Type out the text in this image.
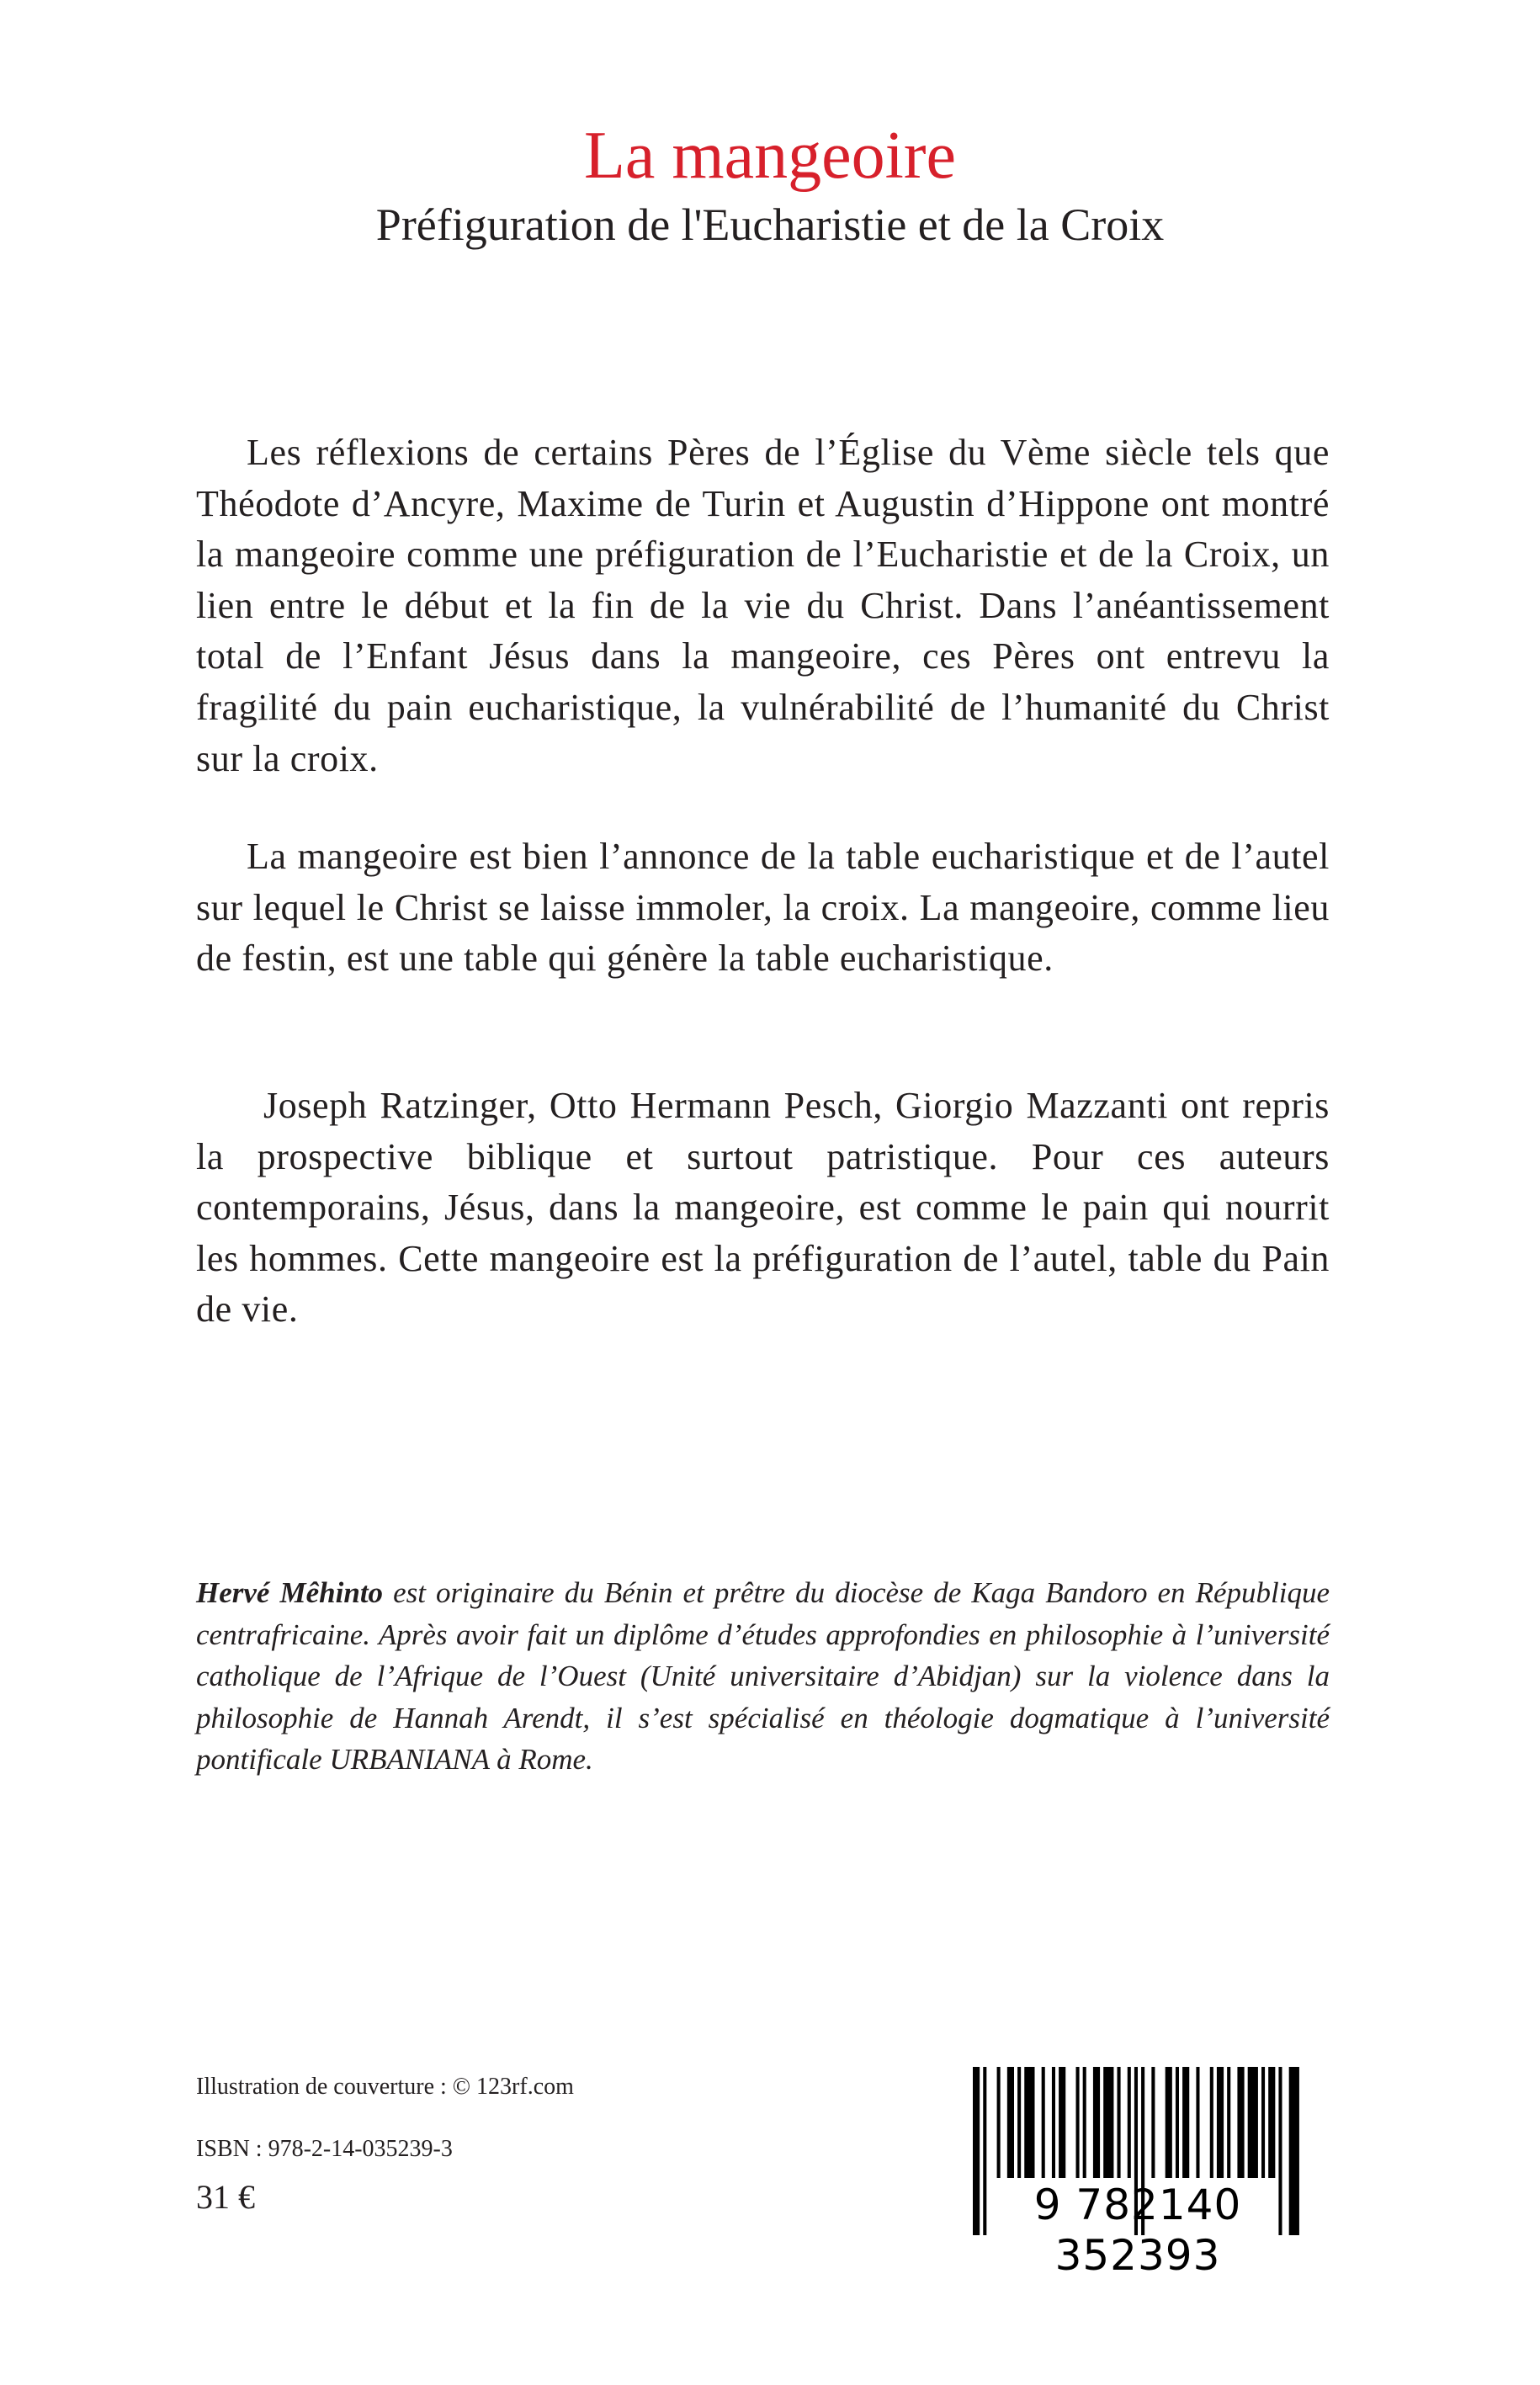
La mangeoire
Préfiguration de l'Eucharistie et de la Croix

Les réflexions de certains Pères de l’Église du Vème siècle tels que Théodote d’Ancyre, Maxime de Turin et Augustin d’Hippone ont montré la mangeoire comme une préfiguration de l’Eucharistie et de la Croix, un lien entre le début et la fin de la vie du Christ. Dans l’anéantissement total de l’Enfant Jésus dans la mangeoire, ces Pères ont entrevu la fragilité du pain eucharistique, la vulnérabilité de l’humanité du Christ sur la croix.

La mangeoire est bien l’annonce de la table eucharistique et de l’autel sur lequel le Christ se laisse immoler, la croix. La mangeoire, comme lieu de festin, est une table qui génère la table eucharistique.

Joseph Ratzinger, Otto Hermann Pesch, Giorgio Mazzanti ont repris la prospective biblique et surtout patristique. Pour ces auteurs contemporains, Jésus, dans la mangeoire, est comme le pain qui nourrit les hommes. Cette mangeoire est la préfiguration de l’autel, table du Pain de vie.

Hervé Mêhinto est originaire du Bénin et prêtre du diocèse de Kaga Bandoro en République centrafricaine. Après avoir fait un diplôme d’études approfondies en philosophie à l’université catholique de l’Afrique de l’Ouest (Unité universitaire d’Abidjan) sur la violence dans la philosophie de Hannah Arendt, il s’est spécialisé en théologie dogmatique à l’université pontificale URBANIANA à Rome.

Illustration de couverture : © 123rf.com

ISBN : 978-2-14-035239-3

31 €	9 782140 352393
